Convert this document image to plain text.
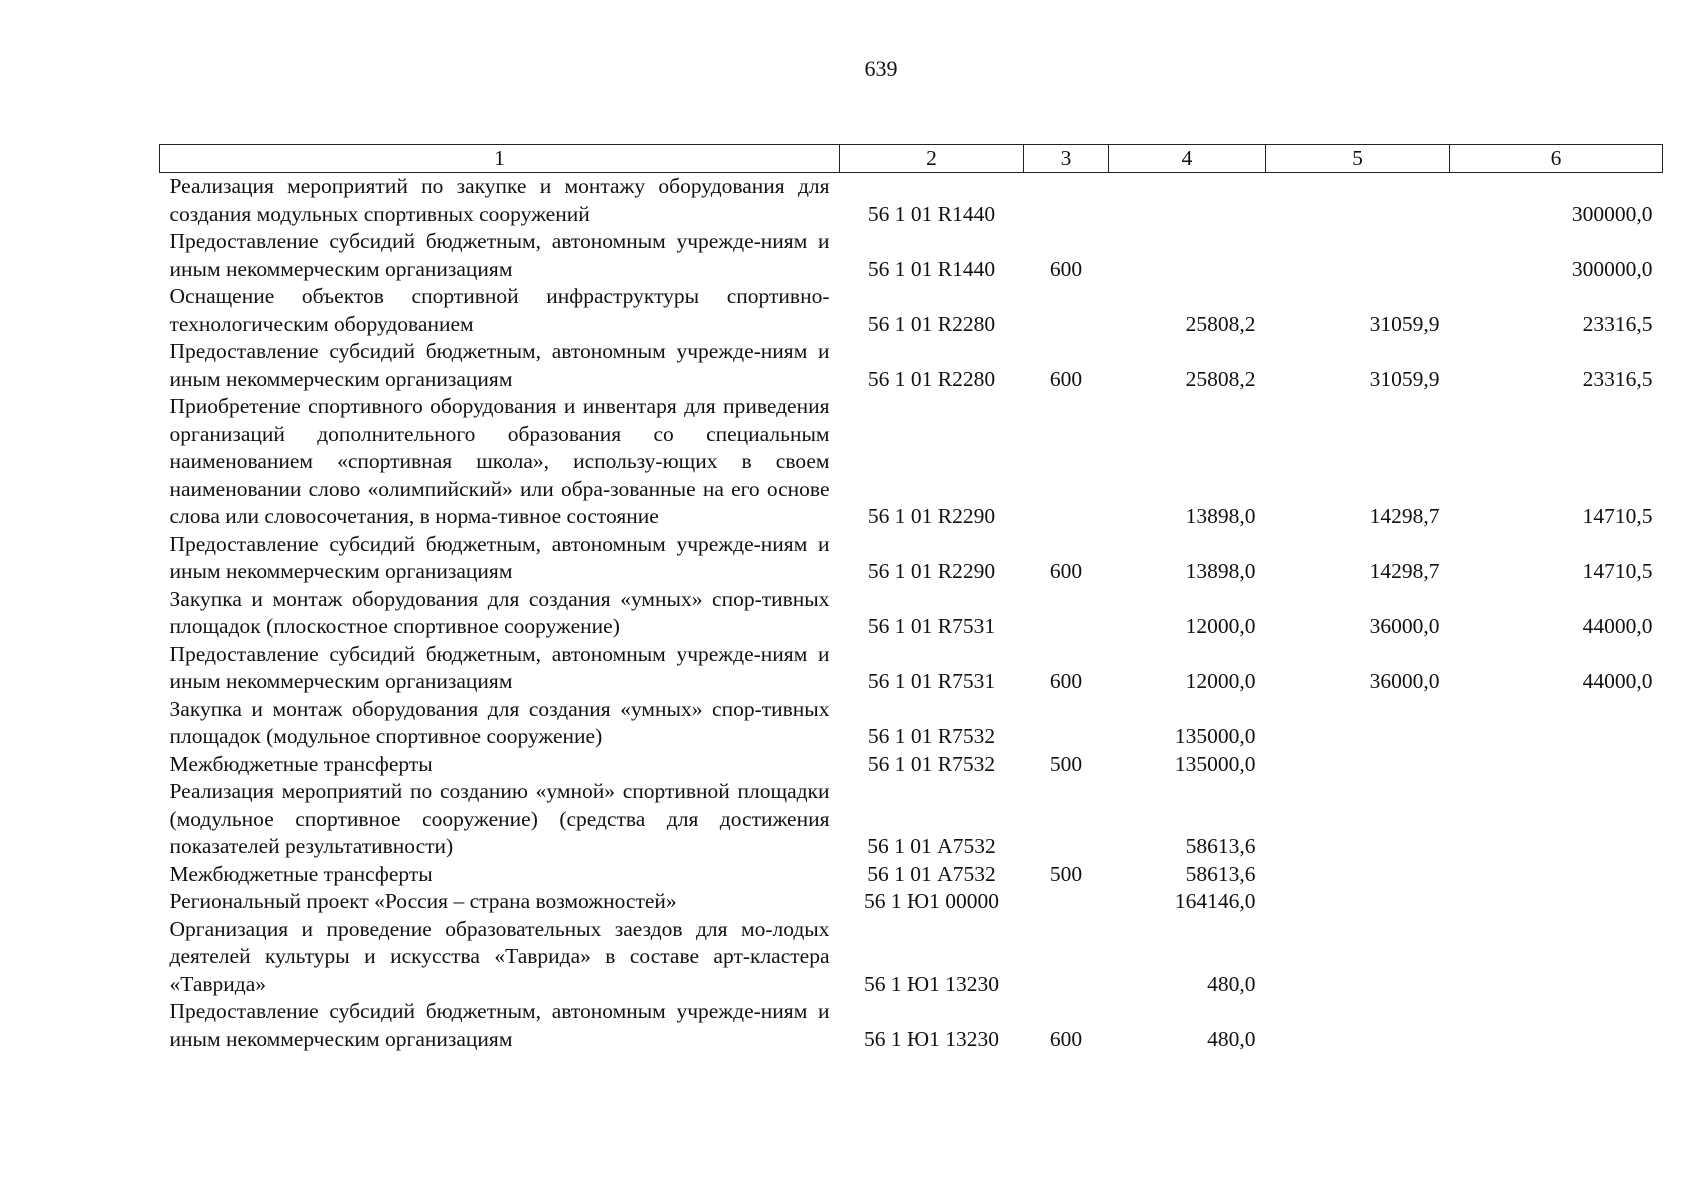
639
1	2	3	4	5	6
Реализация мероприятий по закупке и монтажу оборудования для создания модульных спортивных сооружений	56 1 01 R1440				300000,0
Предоставление субсидий бюджетным, автономным учрежде-ниям и иным некоммерческим организациям	56 1 01 R1440	600			300000,0
Оснащение объектов спортивной инфраструктуры спортивно-технологическим оборудованием	56 1 01 R2280		25808,2	31059,9	23316,5
Предоставление субсидий бюджетным, автономным учрежде-ниям и иным некоммерческим организациям	56 1 01 R2280	600	25808,2	31059,9	23316,5
Приобретение спортивного оборудования и инвентаря для приведения организаций дополнительного образования со специальным наименованием «спортивная школа», использу-ющих в своем наименовании слово «олимпийский» или обра-зованные на его основе слова или словосочетания, в норма-тивное состояние	56 1 01 R2290		13898,0	14298,7	14710,5
Предоставление субсидий бюджетным, автономным учрежде-ниям и иным некоммерческим организациям	56 1 01 R2290	600	13898,0	14298,7	14710,5
Закупка и монтаж оборудования для создания «умных» спор-тивных площадок (плоскостное спортивное сооружение)	56 1 01 R7531		12000,0	36000,0	44000,0
Предоставление субсидий бюджетным, автономным учрежде-ниям и иным некоммерческим организациям	56 1 01 R7531	600	12000,0	36000,0	44000,0
Закупка и монтаж оборудования для создания «умных» спор-тивных площадок (модульное спортивное сооружение)	56 1 01 R7532		135000,0		
Межбюджетные трансферты	56 1 01 R7532	500	135000,0		
Реализация мероприятий по созданию «умной» спортивной площадки (модульное спортивное сооружение) (средства для достижения показателей результативности)	56 1 01 А7532		58613,6		
Межбюджетные трансферты	56 1 01 А7532	500	58613,6		
Региональный проект «Россия – страна возможностей»	56 1 Ю1 00000		164146,0		
Организация и проведение образовательных заездов для мо-лодых деятелей культуры и искусства «Таврида» в составе арт-кластера «Таврида»	56 1 Ю1 13230		480,0		
Предоставление субсидий бюджетным, автономным учрежде-ниям и иным некоммерческим организациям	56 1 Ю1 13230	600	480,0		
